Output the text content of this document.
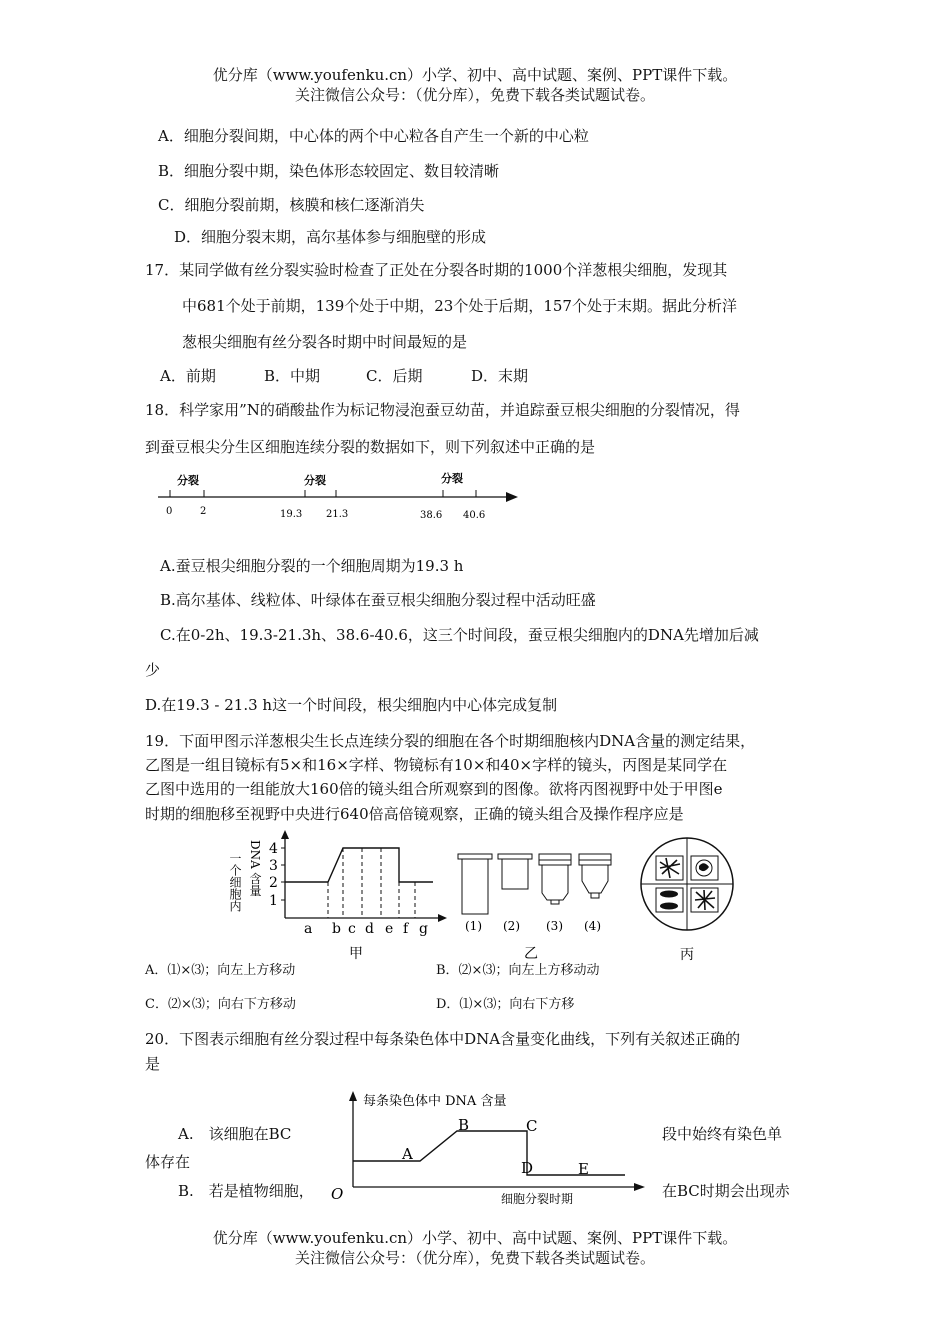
优分库（www.youfenku.cn）小学、初中、高中试题、案例、PPT课件下载。
关注微信公众号：（优分库），免费下载各类试题试卷。
A．细胞分裂间期，中心体的两个中心粒各自产生一个新的中心粒
B．细胞分裂中期，染色体形态较固定、数目较清晰
C．细胞分裂前期，核膜和核仁逐渐消失
D．细胞分裂末期，高尔基体参与细胞壁的形成
17．某同学做有丝分裂实验时检查了正处在分裂各时期的1000个洋葱根尖细胞，发现其
中681个处于前期，139个处于中期，23个处于后期，157个处于末期。据此分析洋
葱根尖细胞有丝分裂各时期中时间最短的是
A．前期	B．中期	C．后期	D．末期
18．科学家用”N的硝酸盐作为标记物浸泡蚕豆幼苗，并追踪蚕豆根尖细胞的分裂情况，得
到蚕豆根尖分生区细胞连续分裂的数据如下，则下列叙述中正确的是
分裂	分裂	分裂
0	2	19.3 21.3	38.6 40.6
A.蚕豆根尖细胞分裂的一个细胞周期为19.3 h
B.高尔基体、线粒体、叶绿体在蚕豆根尖细胞分裂过程中活动旺盛
C.在0-2h、19.3-21.3h、38.6-40.6，这三个时间段，蚕豆根尖细胞内的DNA先增加后减
少
D.在19.3 - 21.3 h这一个时间段，根尖细胞内中心体完成复制
19．下面甲图示洋葱根尖生长点连续分裂的细胞在各个时期细胞核内DNA含量的测定结果，
乙图是一组目镜标有5×和16×字样、物镜标有10×和40×字样的镜头，丙图是某同学在
乙图中选用的一组能放大160倍的镜头组合所观察到的图像。欲将丙图视野中处于甲图e
时期的细胞移至视野中央进行640倍高倍镜观察，正确的镜头组合及操作程序应是
一个
细胞内 DNA 含量 4
3
2
1
a b c d e f g
甲
(1) (2) (3) (4)
乙	丙
A．⑴×⑶；向左上方移动	B．⑵×⑶；向左上方移动动
C．⑵×⑶；向右下方移动	D．⑴×⑶；向右下方移
20．下图表示细胞有丝分裂过程中每条染色体中DNA含量变化曲线，下列有关叙述正确的
是
每条染色体中 DNA 含量
细胞分裂时期
A
B	C
D	E
O
A.　该细胞在BC	段中始终有染色单
体存在
B.　若是植物细胞，	在BC时期会出现赤
优分库（www.youfenku.cn）小学、初中、高中试题、案例、PPT课件下载。
关注微信公众号：（优分库），免费下载各类试题试卷。
